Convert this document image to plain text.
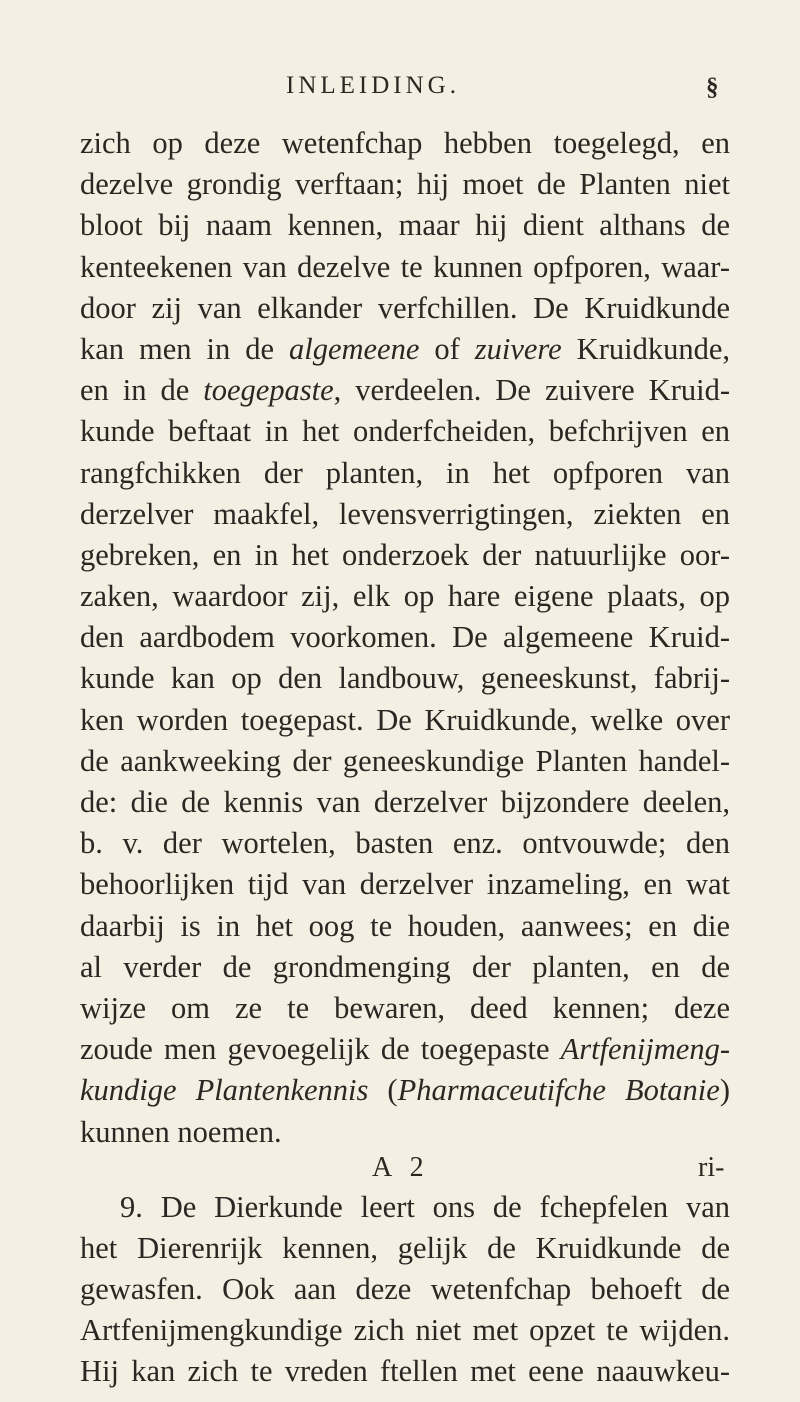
INLEIDING.	§
zich op deze wetenfchap hebben toegelegd, en
dezelve grondig verftaan; hij moet de Planten niet
bloot bij naam kennen, maar hij dient althans de
kenteekenen van dezelve te kunnen opfporen, waar-
door zij van elkander verfchillen. De Kruidkunde
kan men in de algemeene of zuivere Kruidkunde,
en in de toegepaste, verdeelen. De zuivere Kruid-
kunde beftaat in het onderfcheiden, befchrijven en
rangfchikken der planten, in het opfporen van
derzelver maakfel, levensverrigtingen, ziekten en
gebreken, en in het onderzoek der natuurlijke oor-
zaken, waardoor zij, elk op hare eigene plaats, op
den aardbodem voorkomen. De algemeene Kruid-
kunde kan op den landbouw, geneeskunst, fabrij-
ken worden toegepast. De Kruidkunde, welke over
de aankweeking der geneeskundige Planten handel-
de: die de kennis van derzelver bijzondere deelen,
b. v. der wortelen, basten enz. ontvouwde; den
behoorlijken tijd van derzelver inzameling, en wat
daarbij is in het oog te houden, aanwees; en die
al verder de grondmenging der planten, en de
wijze om ze te bewaren, deed kennen; deze
zoude men gevoegelijk de toegepaste Artfenijmeng-
kundige Plantenkennis (Pharmaceutifche Botanie)
kunnen noemen.
9. De Dierkunde leert ons de fchepfelen van
het Dierenrijk kennen, gelijk de Kruidkunde de
gewasfen. Ook aan deze wetenfchap behoeft de
Artfenijmengkundige zich niet met opzet te wijden.
Hij kan zich te vreden ftellen met eene naauwkeu-
A 2	ri-
